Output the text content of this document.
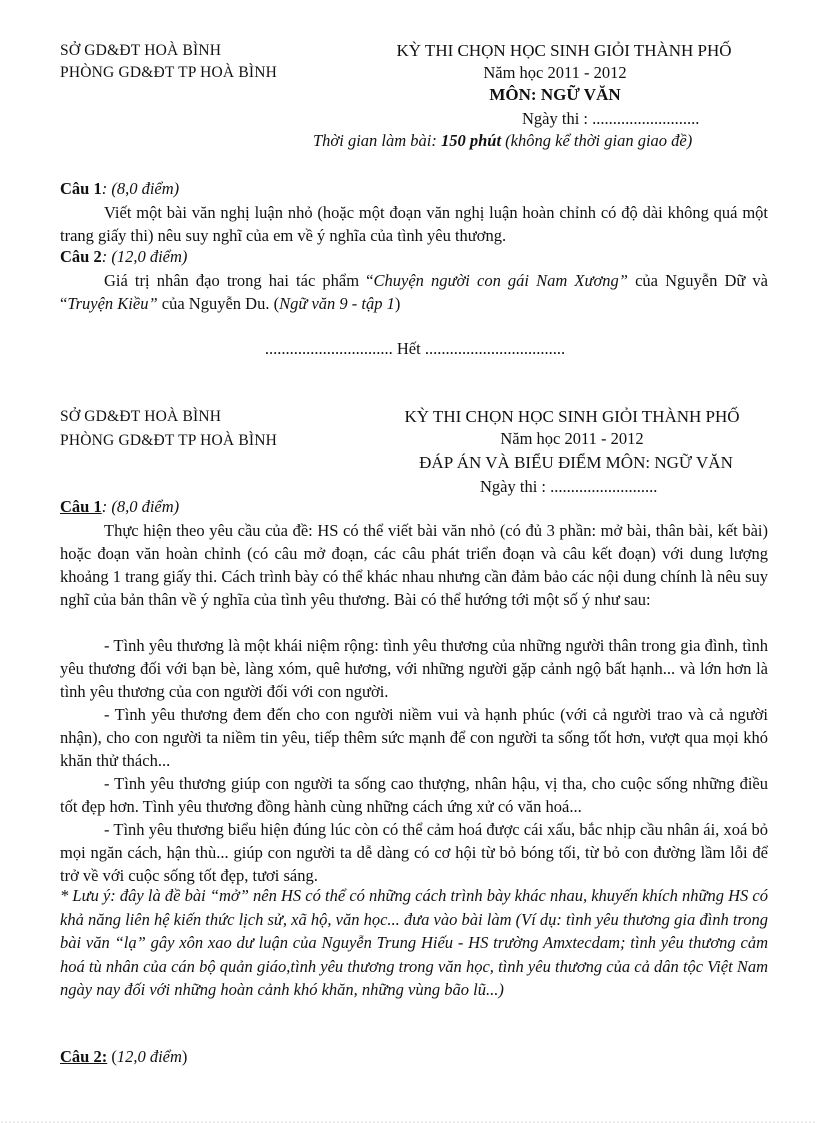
SỞ GD&ĐT HOÀ BÌNH
PHÒNG GD&ĐT TP HOÀ BÌNH
KỲ THI CHỌN HỌC SINH GIỎI THÀNH PHỐ
Năm học 2011 - 2012
MÔN: NGỮ VĂN
Ngày thi : ..........................
Thời gian làm bài: 150 phút (không kể thời gian giao đề)
Câu 1: (8,0 điểm)
Viết một bài văn nghị luận nhỏ (hoặc một đoạn văn nghị luận hoàn chỉnh có độ dài không quá một trang giấy thi) nêu suy nghĩ của em về ý nghĩa của tình yêu thương.
Câu 2: (12,0 điểm)
Giá trị nhân đạo trong hai tác phẩm “Chuyện người con gái Nam Xương” của Nguyễn Dữ và “Truyện Kiều” của Nguyễn Du. (Ngữ văn 9 - tập 1)
............................... Hết ..................................
SỞ GD&ĐT HOÀ BÌNH
PHÒNG GD&ĐT TP HOÀ BÌNH
KỲ THI CHỌN HỌC SINH GIỎI THÀNH PHỐ
Năm học 2011 - 2012
ĐÁP ÁN VÀ BIỂU ĐIỂM MÔN: NGỮ VĂN
Ngày thi : ..........................
Câu 1: (8,0 điểm)
Thực hiện theo yêu cầu của đề: HS có thể viết bài văn nhỏ (có đủ 3 phần: mở bài, thân bài, kết bài) hoặc đoạn văn hoàn chỉnh (có câu mở đoạn, các câu phát triển đoạn và câu kết đoạn) với dung lượng khoảng 1 trang giấy thi. Cách trình bày có thể khác nhau nhưng cần đảm bảo các nội dung chính là nêu suy nghĩ của bản thân về ý nghĩa của tình yêu thương. Bài có thể hướng tới một số ý như sau:
- Tình yêu thương là một khái niệm rộng: tình yêu thương của những người thân trong gia đình, tình yêu thương đối với bạn bè, làng xóm, quê hương, với những người gặp cảnh ngộ bất hạnh... và lớn hơn là tình yêu thương của con người đối với con người.
- Tình yêu thương đem đến cho con người niềm vui và hạnh phúc (với cả người trao và cả người nhận), cho con người ta niềm tin yêu, tiếp thêm sức mạnh để con người ta sống tốt hơn, vượt qua mọi khó khăn thử thách...
- Tình yêu thương giúp con người ta sống cao thượng, nhân hậu, vị tha, cho cuộc sống những điều tốt đẹp hơn. Tình yêu thương đồng hành cùng những cách ứng xử có văn hoá...
- Tình yêu thương biểu hiện đúng lúc còn có thể cảm hoá được cái xấu, bắc nhịp cầu nhân ái, xoá bỏ mọi ngăn cách, hận thù... giúp con người ta dễ dàng có cơ hội từ bỏ bóng tối, từ bỏ con đường lầm lỗi để trở về với cuộc sống tốt đẹp, tươi sáng.
* Lưu ý: đây là đề bài “mở” nên HS có thể có những cách trình bày khác nhau, khuyến khích những HS có khả năng liên hệ kiến thức lịch sử, xã hộ, văn học... đưa vào bài làm (Ví dụ: tình yêu thương gia đình trong bài văn “lạ” gây xôn xao dư luận của Nguyễn Trung Hiếu - HS trường Amxtecdam; tình yêu thương cảm hoá tù nhân của cán bộ quản giáo,tình yêu thương trong văn học, tình yêu thương của cả dân tộc Việt Nam ngày nay đối với những hoàn cảnh khó khăn, những vùng bão lũ...)
Câu 2: (12,0 điểm)
